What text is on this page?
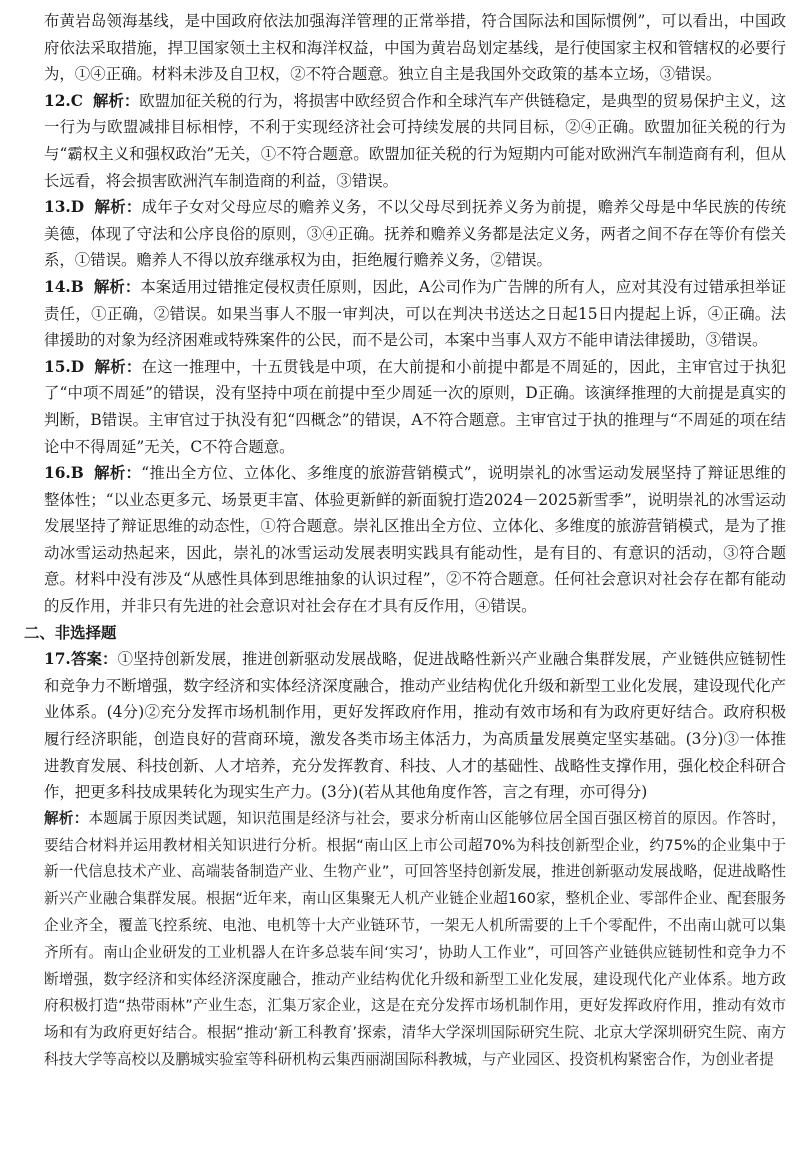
布黄岩岛领海基线，是中国政府依法加强海洋管理的正常举措，符合国际法和国际惯例”，可以看出，中国政府依法采取措施，捍卫国家领土主权和海洋权益，中国为黄岩岛划定基线，是行使国家主权和管辖权的必要行为，①④正确。材料未涉及自卫权，②不符合题意。独立自主是我国外交政策的基本立场，③错误。

12.C 解析：欧盟加征关税的行为，将损害中欧经贸合作和全球汽车产供链稳定，是典型的贸易保护主义，这一行为与欧盟减排目标相悖，不利于实现经济社会可持续发展的共同目标，②④正确。欧盟加征关税的行为与“霸权主义和强权政治”无关，①不符合题意。欧盟加征关税的行为短期内可能对欧洲汽车制造商有利，但从长远看，将会损害欧洲汽车制造商的利益，③错误。

13.D 解析：成年子女对父母应尽的赡养义务，不以父母尽到抚养义务为前提，赡养父母是中华民族的传统美德，体现了守法和公序良俗的原则，③④正确。抚养和赡养义务都是法定义务，两者之间不存在等价有偿关系，①错误。赡养人不得以放弃继承权为由，拒绝履行赡养义务，②错误。

14.B 解析：本案适用过错推定侵权责任原则，因此，A公司作为广告牌的所有人，应对其没有过错承担举证责任，①正确，②错误。如果当事人不服一审判决，可以在判决书送达之日起15日内提起上诉，④正确。法律援助的对象为经济困难或特殊案件的公民，而不是公司，本案中当事人双方不能申请法律援助，③错误。

15.D 解析：在这一推理中，十五贯钱是中项，在大前提和小前提中都是不周延的，因此，主审官过于执犯了“中项不周延”的错误，没有坚持中项在前提中至少周延一次的原则，D正确。该演绎推理的大前提是真实的判断，B错误。主审官过于执没有犯“四概念”的错误，A不符合题意。主审官过于执的推理与“不周延的项在结论中不得周延”无关，C不符合题意。

16.B 解析：“推出全方位、立体化、多维度的旅游营销模式”，说明崇礼的冰雪运动发展坚持了辩证思维的整体性；“以业态更多元、场景更丰富、体验更新鲜的新面貌打造2024－2025新雪季”，说明崇礼的冰雪运动发展坚持了辩证思维的动态性，①符合题意。崇礼区推出全方位、立体化、多维度的旅游营销模式，是为了推动冰雪运动热起来，因此，崇礼的冰雪运动发展表明实践具有能动性，是有目的、有意识的活动，③符合题意。材料中没有涉及“从感性具体到思维抽象的认识过程”，②不符合题意。任何社会意识对社会存在都有能动的反作用，并非只有先进的社会意识对社会存在才具有反作用，④错误。

二、非选择题

17.答案：①坚持创新发展，推进创新驱动发展战略，促进战略性新兴产业融合集群发展，产业链供应链韧性和竞争力不断增强，数字经济和实体经济深度融合，推动产业结构优化升级和新型工业化发展，建设现代化产业体系。(4分)②充分发挥市场机制作用，更好发挥政府作用，推动有效市场和有为政府更好结合。政府积极履行经济职能，创造良好的营商环境，激发各类市场主体活力，为高质量发展奠定坚实基础。(3分)③一体推进教育发展、科技创新、人才培养，充分发挥教育、科技、人才的基础性、战略性支撑作用，强化校企科研合作，把更多科技成果转化为现实生产力。(3分)(若从其他角度作答，言之有理，亦可得分)

解析：本题属于原因类试题，知识范围是经济与社会，要求分析南山区能够位居全国百强区榜首的原因。作答时，要结合材料并运用教材相关知识进行分析。根据“南山区上市公司超70%为科技创新型企业，约75%的企业集中于新一代信息技术产业、高端装备制造产业、生物产业”，可回答坚持创新发展，推进创新驱动发展战略，促进战略性新兴产业融合集群发展。根据“近年来，南山区集聚无人机产业链企业超160家，整机企业、零部件企业、配套服务企业齐全，覆盖飞控系统、电池、电机等十大产业链环节，一架无人机所需要的上千个零配件，不出南山就可以集齐所有。南山企业研发的工业机器人在许多总装车间‘实习’，协助人工作业”，可回答产业链供应链韧性和竞争力不断增强，数字经济和实体经济深度融合，推动产业结构优化升级和新型工业化发展，建设现代化产业体系。地方政府积极打造“热带雨林”产业生态，汇集万家企业，这是在充分发挥市场机制作用，更好发挥政府作用，推动有效市场和有为政府更好结合。根据“推动‘新工科教育’探索，清华大学深圳国际研究生院、北京大学深圳研究生院、南方科技大学等高校以及鹏城实验室等科研机构云集西丽湖国际科教城，与产业园区、投资机构紧密合作，为创业者提
